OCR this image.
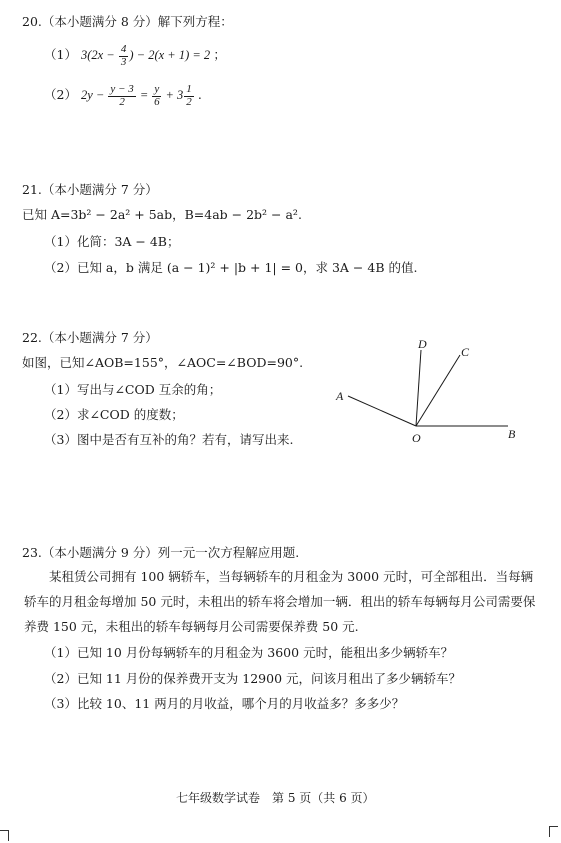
20.（本小题满分 8 分）解下列方程：
（1） $3(2x - \frac{4}{3}$ ) − 2(x + 1) = 2 ；
（2） $2y - \frac{y - 3}{2} = \frac{y}{6} + 3 \frac{1}{2}$ .
21.（本小题满分 7 分）
已知 A=3b² − 2a² + 5ab，B=4ab − 2b² − a².
（1）化简：3A − 4B；
（2）已知 a，b 满足 (a − 1)² + |b + 1| = 0，求 3A − 4B 的值.
22.（本小题满分 7 分）
如图，已知∠AOB=155°，∠AOC=∠BOD=90°.
（1）写出与∠COD 互余的角；
（2）求∠COD 的度数；
（3）图中是否有互补的角？若有，请写出来.
D
C
A
O	B
23.（本小题满分 9 分）列一元一次方程解应用题.
某租赁公司拥有 100 辆轿车，当每辆轿车的月租金为 3000 元时，可全部租出．当每辆轿车的月租金每增加 50 元时，未租出的轿车将会增加一辆．租出的轿车每辆每月公司需要保养费 150 元，未租出的轿车每辆每月公司需要保养费 50 元.
（1）已知 10 月份每辆轿车的月租金为 3600 元时，能租出多少辆轿车？
（2）已知 11 月份的保养费开支为 12900 元，问该月租出了多少辆轿车？
（3）比较 10、11 两月的月收益，哪个月的月收益多？多多少？
七年级数学试卷　第 5 页（共 6 页）
